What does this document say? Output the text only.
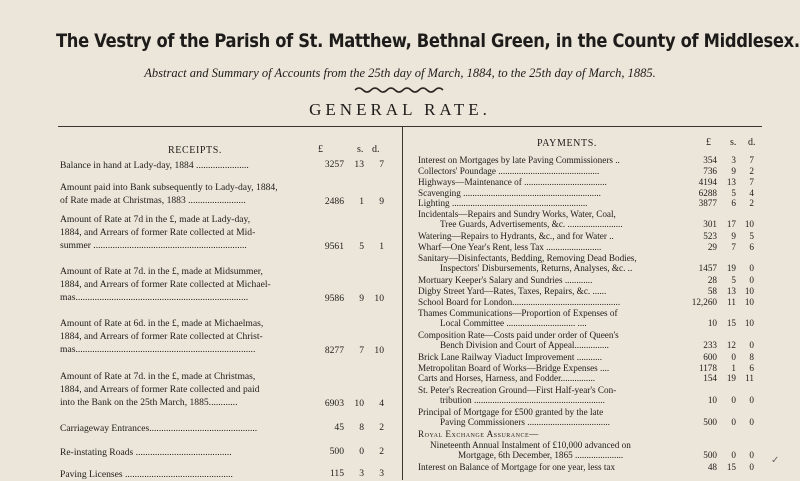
The Vestry of the Parish of St. Matthew, Bethnal Green, in the County of Middlesex.
Abstract and Summary of Accounts from the 25th day of March, 1884, to the 25th day of March, 1885.
GENERAL RATE.
RECEIPTS.	£	s. d.
PAYMENTS.	£ s. d.
Balance in hand at Lady-day, 1884 ......................	3257	13	7
Amount paid into Bank subsequently to Lady-day, 1884,
of Rate made at Christmas, 1883 ........................	2486	1	9
Amount of Rate at 7d in the £, made at Lady-day,
1884, and Arrears of former Rate collected at Mid-
summer ................................................................	9561	5	1
Amount of Rate at 7d. in the £, made at Midsummer,
1884, and Arrears of former Rate collected at Michael-
mas........................................................................	9586	9	10
Amount of Rate at 6d. in the £, made at Michaelmas,
1884, and Arrears of former Rate collected at Christ-
mas...........................................................................	8277	7	10
Amount of Rate at 7d. in the £, made at Christmas,
1884, and Arrears of former Rate collected and paid
into the Bank on the 25th March, 1885............	6903	10	4
Carriageway Entrances.............................................	45	8	2
Re-instating Roads ........................................	500	0	2
Paving Licenses .............................................	115	3	3
Interest on Mortgages by late Paving Commissioners ..	354	3	7
Collectors' Poundage ............................................	736	9	2
Highways—Maintenance of ....................................	4194	13	7
Scavenging ............................................................	6288	5	4
Lighting ...........................................................	3877	6	2
Incidentals—Repairs and Sundry Works, Water, Coal,
Tree Guards, Advertisements, &c. ........................	301	17 10
Watering—Repairs to Hydrants, &c., and for Water ..	523	9	5
Wharf—One Year's Rent, less Tax ........................	29	7	6
Sanitary—Disinfectants, Bedding, Removing Dead Bodies,
Inspectors' Disbursements, Returns, Analyses, &c. ..	1457	19	0
Mortuary Keeper's Salary and Sundries ............	28	5	0
Digby Street Yard—Rates, Taxes, Repairs, &c. ......	58	13 10
School Board for London...............................................	12,260	11 10
Thames Communications—Proportion of Expenses of
Local Committee .............................. ....	10	15 10
Composition Rate—Costs paid under order of Queen's
Bench Division and Court of Appeal...............	233	12	0
Brick Lane Railway Viaduct Improvement ...........	600	0	8
Metropolitan Board of Works—Bridge Expenses ....	1178	1	6
Carts and Horses, Harness, and Fodder...............	154	19 11
St. Peter's Recreation Ground—First Half-year's Con-
tribution .........................................................	10	0	0
Principal of Mortgage for £500 granted by the late
Paving Commissioners ....................................	500	0	0
Royal Exchange Assurance—
Nineteenth Annual Instalment of £10,000 advanced on
Mortgage, 6th December, 1865 .....................	500	0	0
Interest on Balance of Mortgage for one year, less tax	48	15	0
✓
